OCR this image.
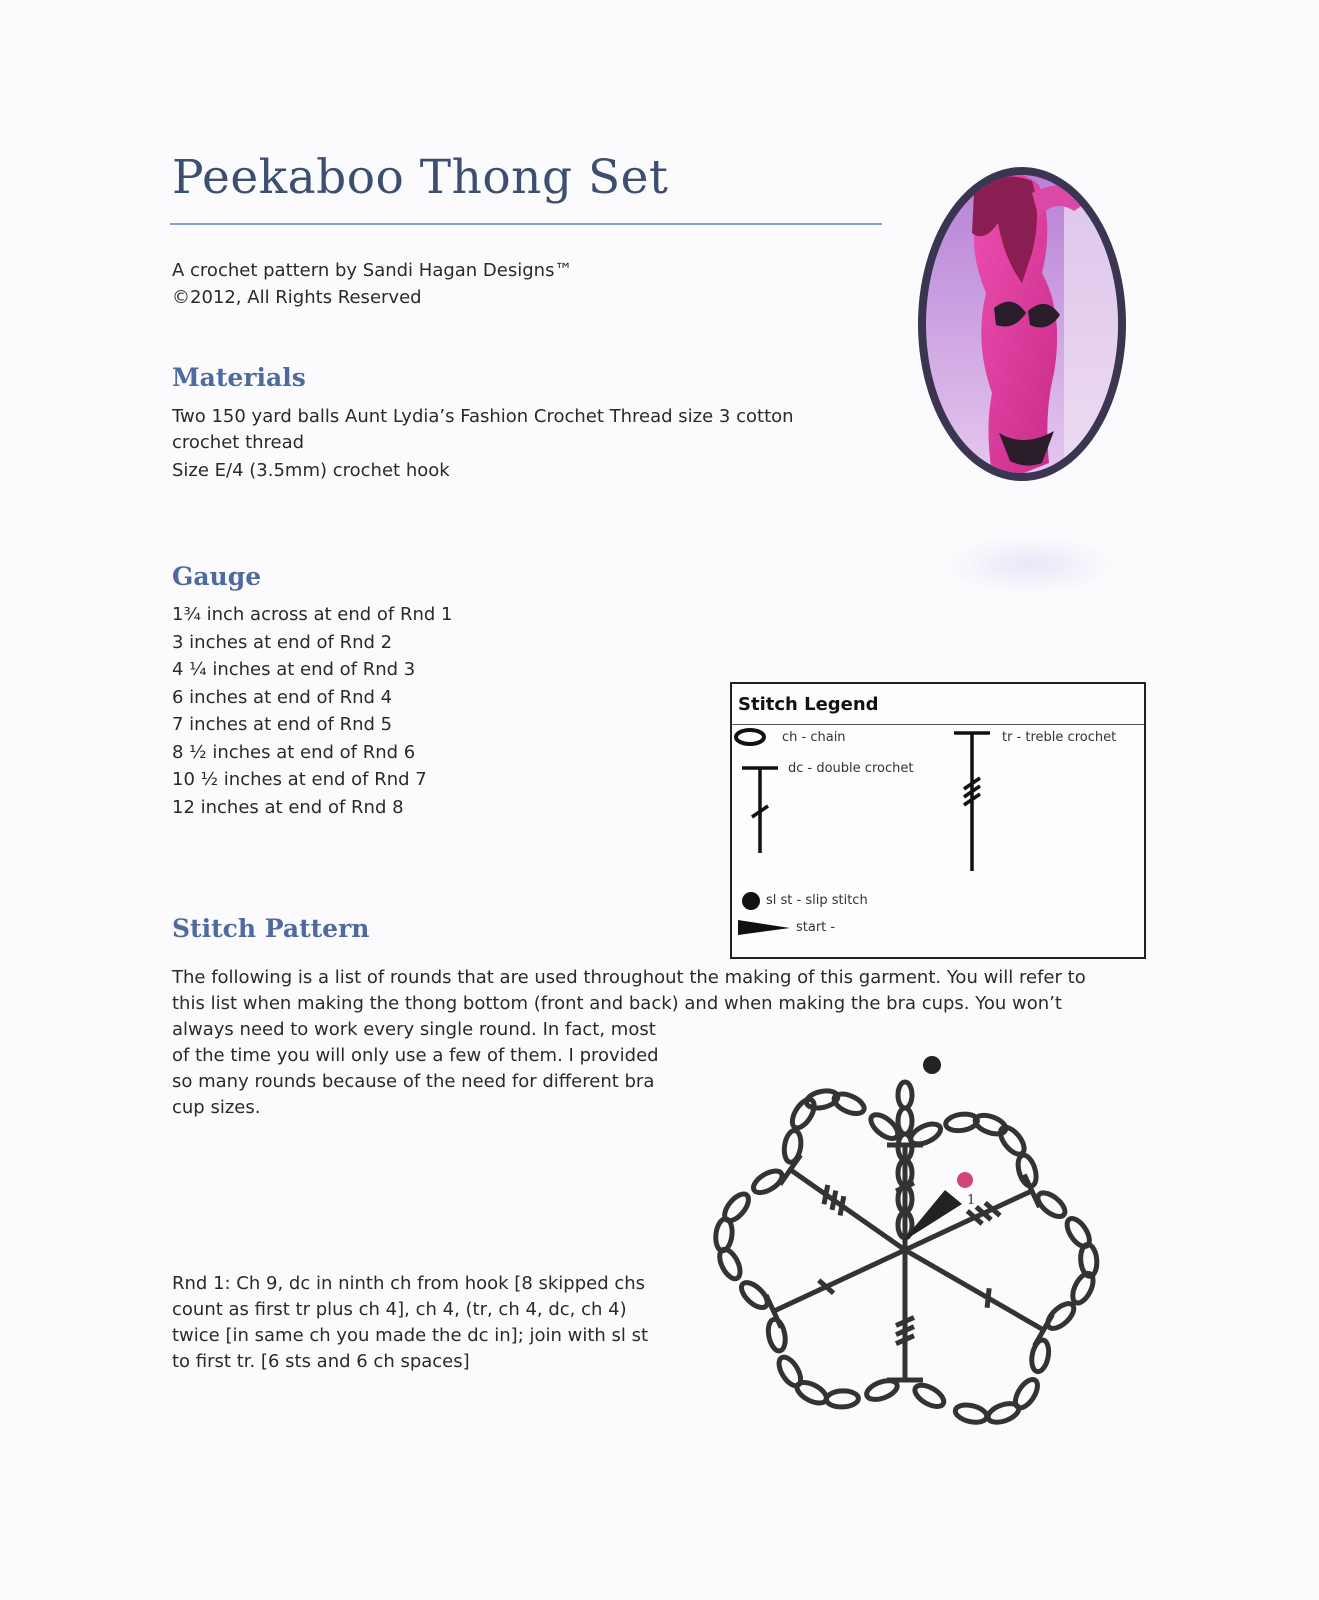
Peekaboo Thong Set
A crochet pattern by Sandi Hagan Designs™
©2012, All Rights Reserved
Materials
Two 150 yard balls Aunt Lydia’s Fashion Crochet Thread size 3 cotton
crochet thread
Size E/4 (3.5mm) crochet hook
Gauge
1¾ inch across at end of Rnd 1
3 inches at end of Rnd 2
4 ¼ inches at end of Rnd 3
6 inches at end of Rnd 4
7 inches at end of Rnd 5
8 ½ inches at end of Rnd 6
10 ½ inches at end of Rnd 7
12 inches at end of Rnd 8
Stitch Legend
ch - chain	tr - treble crochet
dc - double crochet
sl st - slip stitch
start -
Stitch Pattern
The following is a list of rounds that are used throughout the making of this garment. You will refer to
this list when making the thong bottom (front and back) and when making the bra cups. You won’t
always need to work every single round. In fact, most
of the time you will only use a few of them. I provided
so many rounds because of the need for different bra
cup sizes.
Rnd 1: Ch 9, dc in ninth ch from hook [8 skipped chs
count as first tr plus ch 4], ch 4, (tr, ch 4, dc, ch 4)
twice [in same ch you made the dc in]; join with sl st
to first tr. [6 sts and 6 ch spaces]
1
